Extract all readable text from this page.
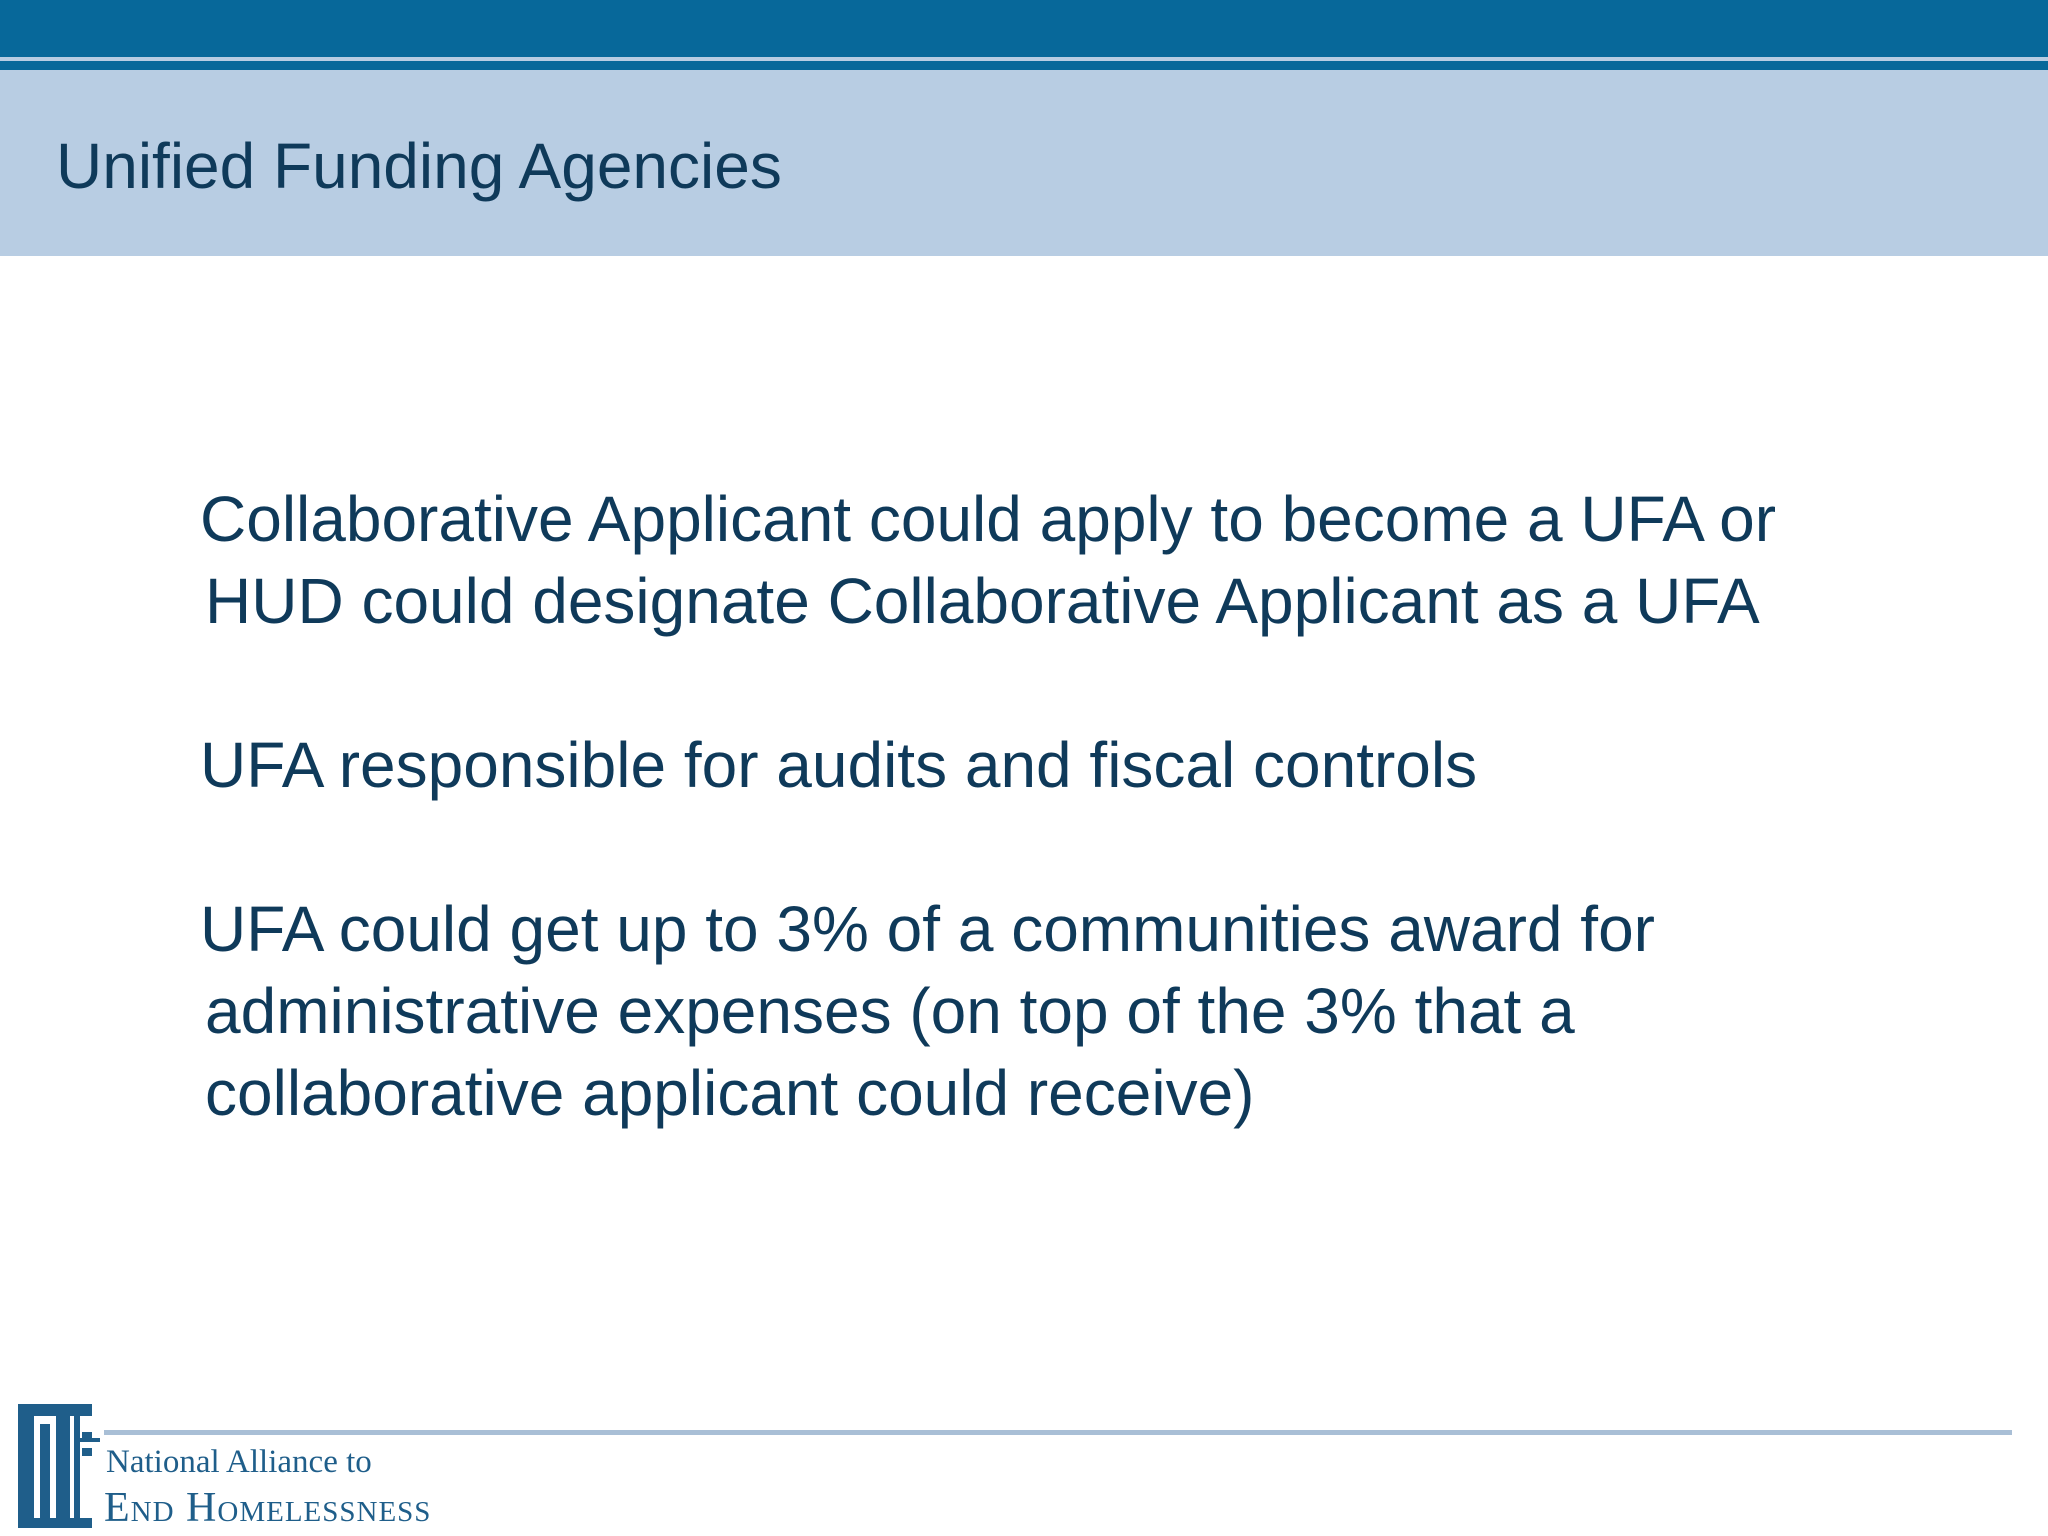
Unified Funding Agencies

Collaborative Applicant could apply to become a UFA or
HUD could designate Collaborative Applicant as a UFA

UFA responsible for audits and fiscal controls

UFA could get up to 3% of a communities award for
administrative expenses (on top of the 3% that a
collaborative applicant could receive)

National Alliance to
End Homelessness
